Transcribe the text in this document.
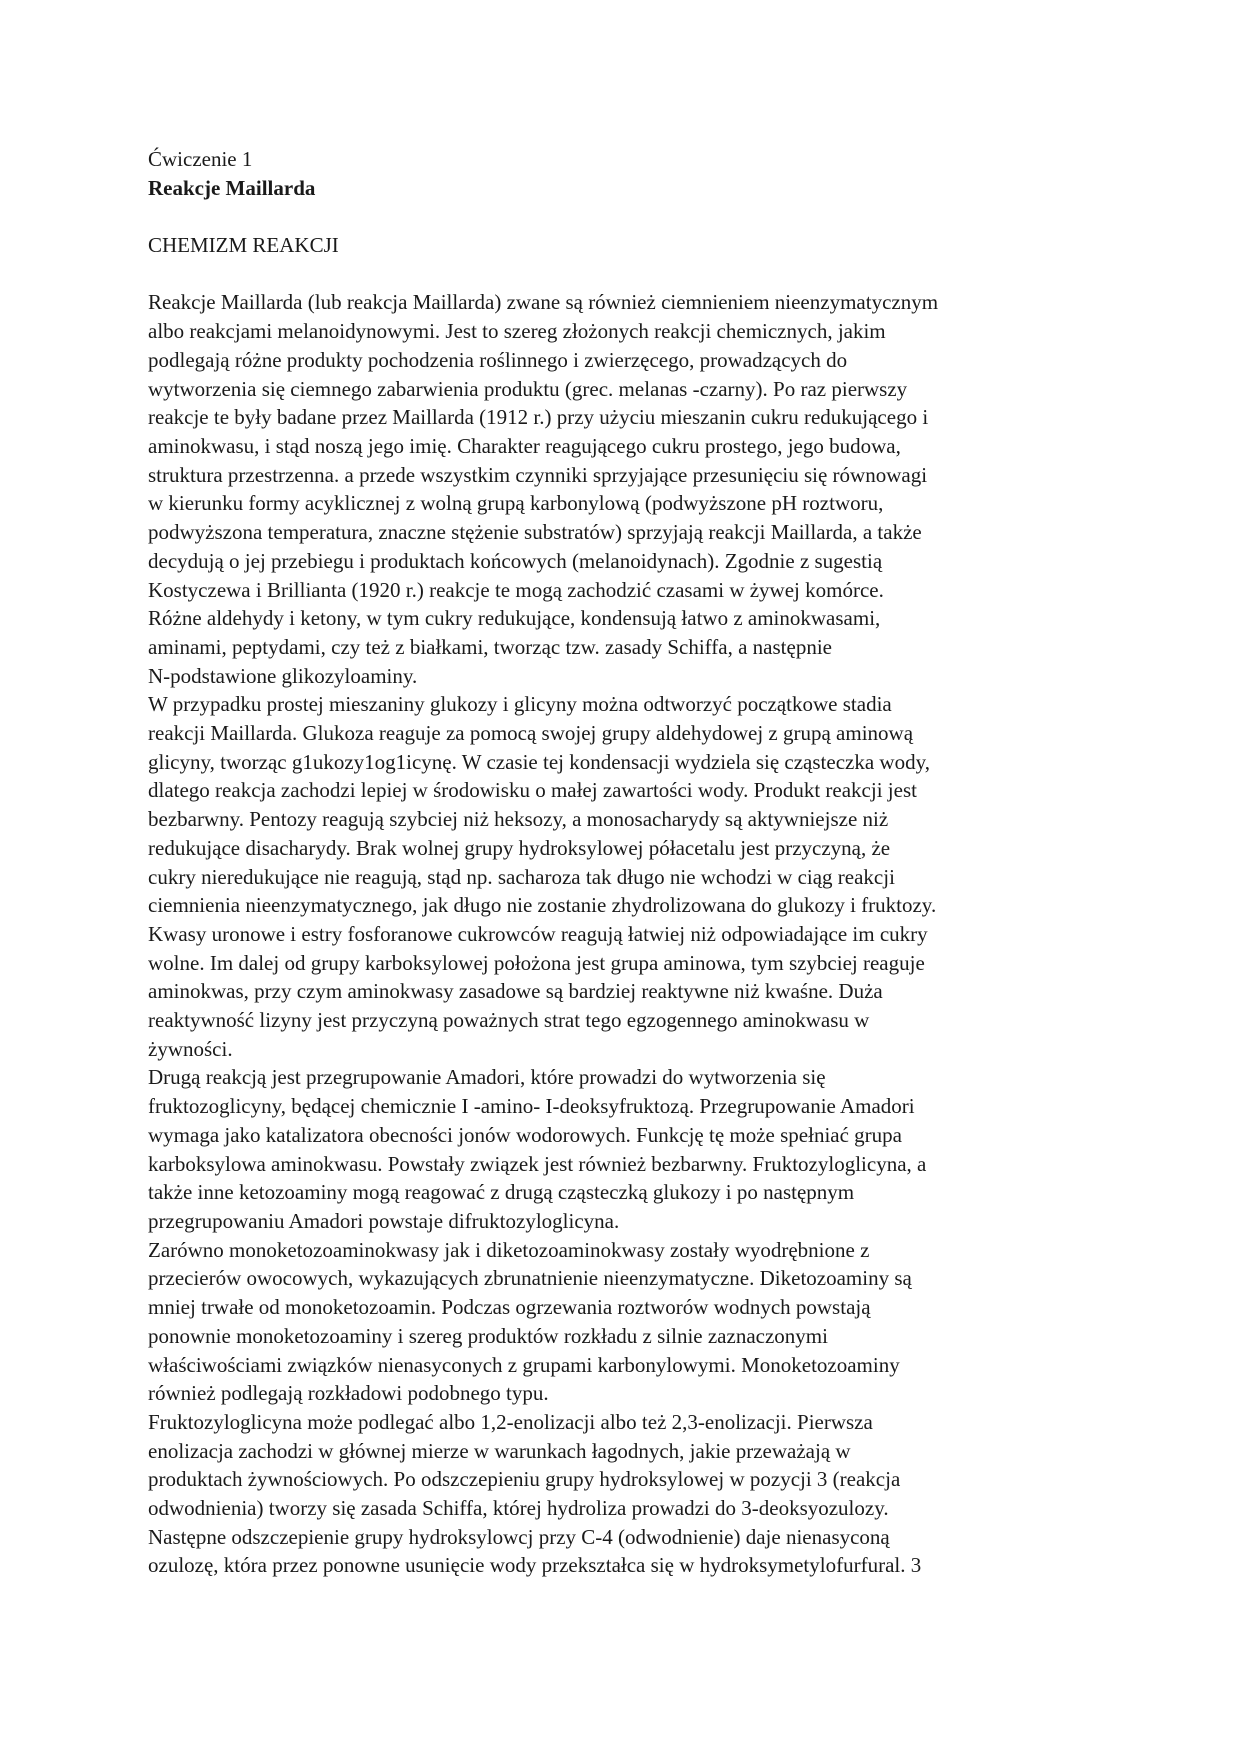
Ćwiczenie 1
Reakcje Maillarda
CHEMIZM REAKCJI
Reakcje Maillarda (lub reakcja Maillarda) zwane są również ciemnieniem nieenzymatycznym
albo reakcjami melanoidynowymi. Jest to szereg złożonych reakcji chemicznych, jakim
podlegają różne produkty pochodzenia roślinnego i zwierzęcego, prowadzących do
wytworzenia się ciemnego zabarwienia produktu (grec. melanas -czarny). Po raz pierwszy
reakcje te były badane przez Maillarda (1912 r.) przy użyciu mieszanin cukru redukującego i
aminokwasu, i stąd noszą jego imię. Charakter reagującego cukru prostego, jego budowa,
struktura przestrzenna. a przede wszystkim czynniki sprzyjające przesunięciu się równowagi
w kierunku formy acyklicznej z wolną grupą karbonylową (podwyższone pH roztworu,
podwyższona temperatura, znaczne stężenie substratów) sprzyjają reakcji Maillarda, a także
decydują o jej przebiegu i produktach końcowych (melanoidynach). Zgodnie z sugestią
Kostyczewa i Brillianta (1920 r.) reakcje te mogą zachodzić czasami w żywej komórce.
Różne aldehydy i ketony, w tym cukry redukujące, kondensują łatwo z aminokwasami,
aminami, peptydami, czy też z białkami, tworząc tzw. zasady Schiffa, a następnie
N-podstawione glikozyloaminy.
W przypadku prostej mieszaniny glukozy i glicyny można odtworzyć początkowe stadia
reakcji Maillarda. Glukoza reaguje za pomocą swojej grupy aldehydowej z grupą aminową
glicyny, tworząc g1ukozy1og1icynę. W czasie tej kondensacji wydziela się cząsteczka wody,
dlatego reakcja zachodzi lepiej w środowisku o małej zawartości wody. Produkt reakcji jest
bezbarwny. Pentozy reagują szybciej niż heksozy, a monosacharydy są aktywniejsze niż
redukujące disacharydy. Brak wolnej grupy hydroksylowej półacetalu jest przyczyną, że
cukry nieredukujące nie reagują, stąd np. sacharoza tak długo nie wchodzi w ciąg reakcji
ciemnienia nieenzymatycznego, jak długo nie zostanie zhydrolizowana do glukozy i fruktozy.
Kwasy uronowe i estry fosforanowe cukrowców reagują łatwiej niż odpowiadające im cukry
wolne. Im dalej od grupy karboksylowej położona jest grupa aminowa, tym szybciej reaguje
aminokwas, przy czym aminokwasy zasadowe są bardziej reaktywne niż kwaśne. Duża
reaktywność lizyny jest przyczyną poważnych strat tego egzogennego aminokwasu w
żywności.
Drugą reakcją jest przegrupowanie Amadori, które prowadzi do wytworzenia się
fruktozoglicyny, będącej chemicznie I -amino- I-deoksyfruktozą. Przegrupowanie Amadori
wymaga jako katalizatora obecności jonów wodorowych. Funkcję tę może spełniać grupa
karboksylowa aminokwasu. Powstały związek jest również bezbarwny. Fruktozyloglicyna, a
także inne ketozoaminy mogą reagować z drugą cząsteczką glukozy i po następnym
przegrupowaniu Amadori powstaje difruktozyloglicyna.
Zarówno monoketozoaminokwasy jak i diketozoaminokwasy zostały wyodrębnione z
przecierów owocowych, wykazujących zbrunatnienie nieenzymatyczne. Diketozoaminy są
mniej trwałe od monoketozoamin. Podczas ogrzewania roztworów wodnych powstają
ponownie monoketozoaminy i szereg produktów rozkładu z silnie zaznaczonymi
właściwościami związków nienasyconych z grupami karbonylowymi. Monoketozoaminy
również podlegają rozkładowi podobnego typu.
Fruktozyloglicyna może podlegać albo 1,2-enolizacji albo też 2,3-enolizacji. Pierwsza
enolizacja zachodzi w głównej mierze w warunkach łagodnych, jakie przeważają w
produktach żywnościowych. Po odszczepieniu grupy hydroksylowej w pozycji 3 (reakcja
odwodnienia) tworzy się zasada Schiffa, której hydroliza prowadzi do 3-deoksyozulozy.
Następne odszczepienie grupy hydroksylowcj przy C-4 (odwodnienie) daje nienasyconą
ozulozę, która przez ponowne usunięcie wody przekształca się w hydroksymetylofurfural. 3
